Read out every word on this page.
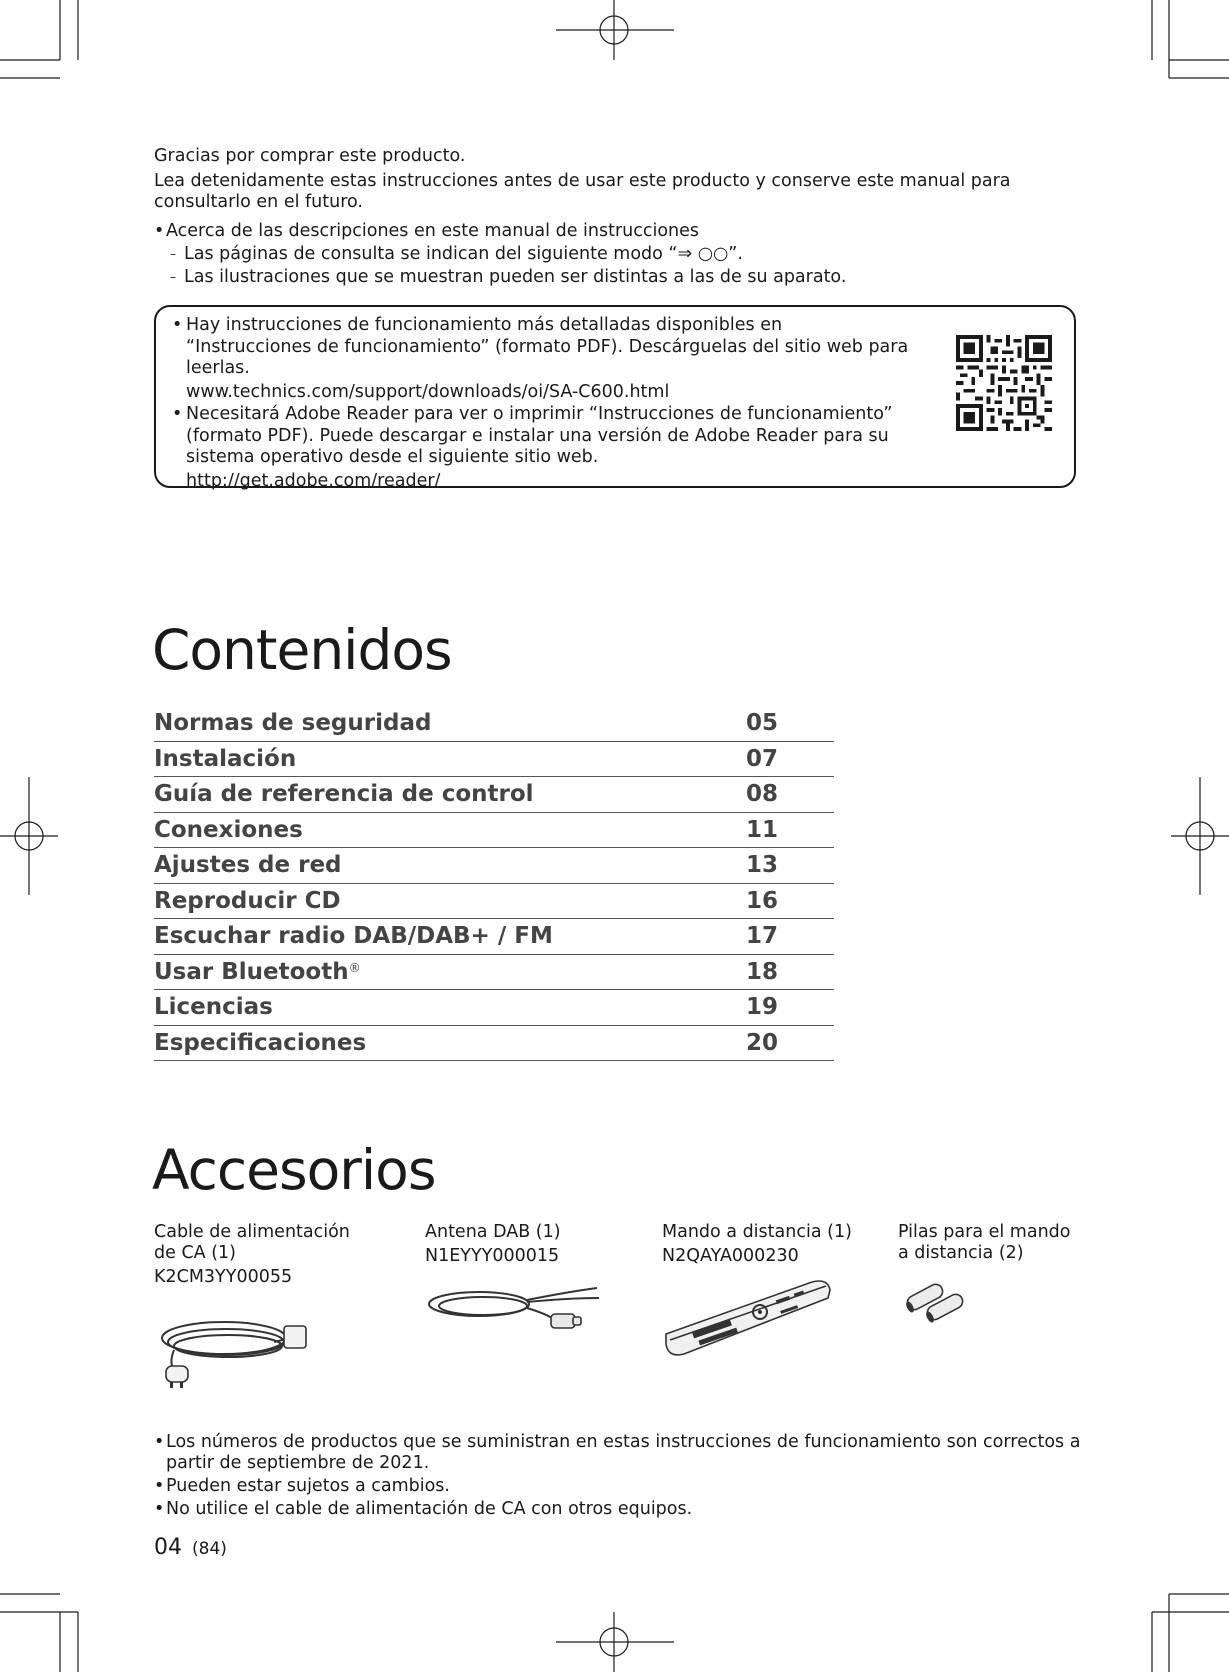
Gracias por comprar este producto.

Lea detenidamente estas instrucciones antes de usar este producto y conserve este manual para consultarlo en el futuro.

• Acerca de las descripciones en este manual de instrucciones
– Las páginas de consulta se indican del siguiente modo “⇒ ○○”.
– Las ilustraciones que se muestran pueden ser distintas a las de su aparato.
• Hay instrucciones de funcionamiento más detalladas disponibles en “Instrucciones de funcionamiento” (formato PDF). Descárguelas del sitio web para leerlas.
www.technics.com/support/downloads/oi/SA-C600.html
• Necesitará Adobe Reader para ver o imprimir “Instrucciones de funcionamiento” (formato PDF). Puede descargar e instalar una versión de Adobe Reader para su sistema operativo desde el siguiente sitio web.
http://get.adobe.com/reader/
Contenidos
Normas de seguridad	05
Instalación	07
Guía de referencia de control	08
Conexiones	11
Ajustes de red	13
Reproducir CD	16
Escuchar radio DAB/DAB+ / FM	17
Usar Bluetooth®	18
Licencias	19
Especificaciones	20
Accesorios
Cable de alimentación
de CA (1)
K2CM3YY00055
Antena DAB (1)
N1EYYY000015
Mando a distancia (1)
N2QAYA000230
Pilas para el mando
a distancia (2)
• Los números de productos que se suministran en estas instrucciones de funcionamiento son correctos a partir de septiembre de 2021.
• Pueden estar sujetos a cambios.
• No utilice el cable de alimentación de CA con otros equipos.
04 (84)
